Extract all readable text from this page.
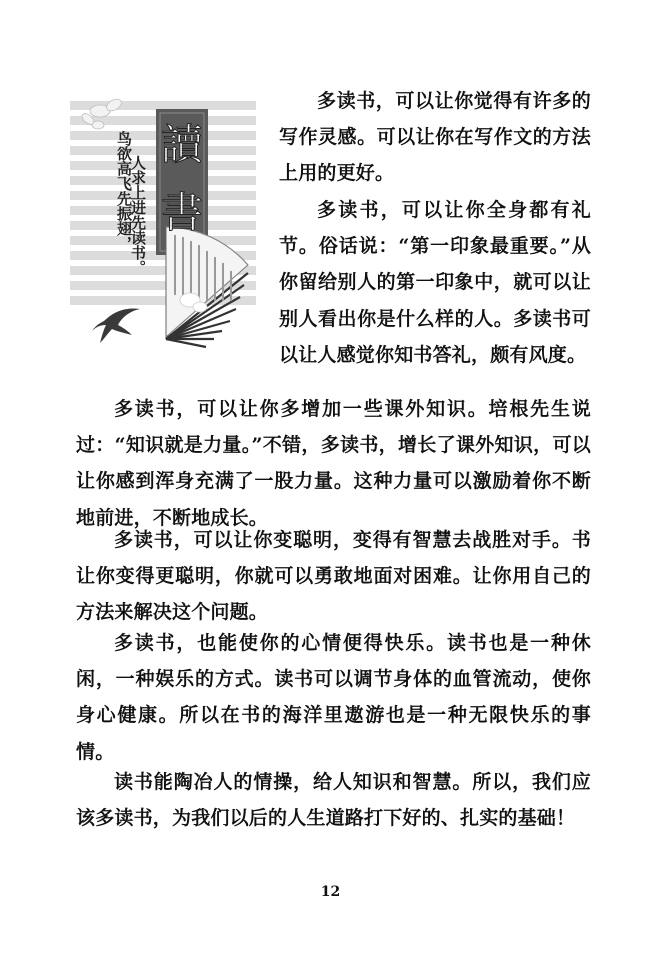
鸟欲高飞先振翅，
人求上进先读书。
讀
書

多读书，可以让你觉得有许多的写作灵感。可以让你在写作文的方法上用的更好。

多读书，可以让你全身都有礼节。俗话说：“第一印象最重要。”从你留给别人的第一印象中，就可以让别人看出你是什么样的人。多读书可以让人感觉你知书答礼，颇有风度。

多读书，可以让你多增加一些课外知识。培根先生说过：“知识就是力量。”不错，多读书，增长了课外知识，可以让你感到浑身充满了一股力量。这种力量可以激励着你不断地前进，不断地成长。

多读书，可以让你变聪明，变得有智慧去战胜对手。书让你变得更聪明，你就可以勇敢地面对困难。让你用自己的方法来解决这个问题。

多读书，也能使你的心情便得快乐。读书也是一种休闲，一种娱乐的方式。读书可以调节身体的血管流动，使你身心健康。所以在书的海洋里遨游也是一种无限快乐的事情。

读书能陶冶人的情操，给人知识和智慧。所以，我们应该多读书，为我们以后的人生道路打下好的、扎实的基础！

12
